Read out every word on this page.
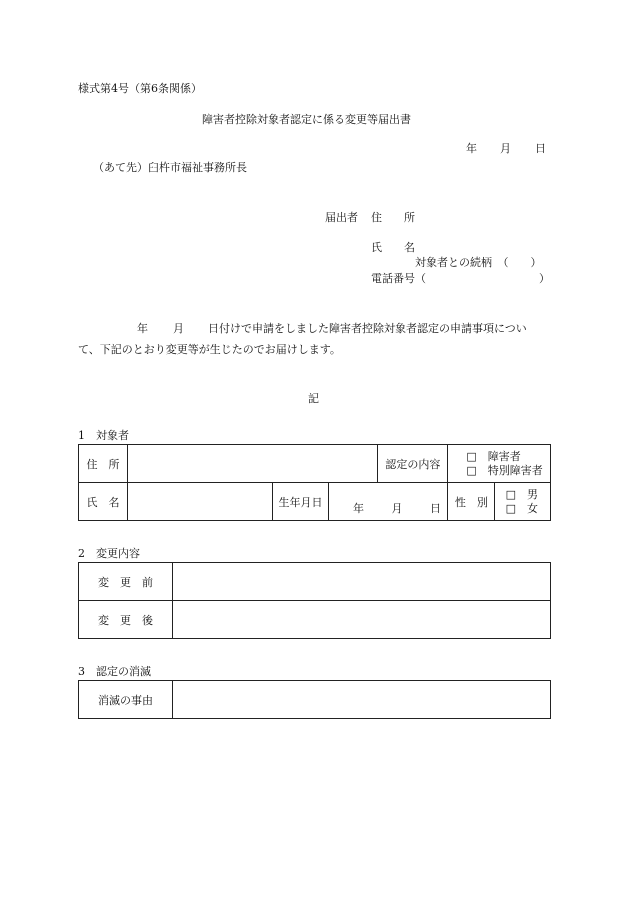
様式第4号（第6条関係）
障害者控除対象者認定に係る変更等届出書
年 月 日
（あて先）臼杵市福祉事務所長
届出者 住　　所
氏　　名
対象者との続柄　（　　）
電話番号（	）
年 月 日付けで申請をしました障害者控除対象者認定の申請事項につい
て、下記のとおり変更等が生じたのでお届けします。
記
1　対象者
住　所				認定の内容	□　障害者
□　特別障害者	

氏　名		生年月日	年 月 日		性　別	□　男
□　女
2　変更内容
変　更　前	
変　更　後	
3　認定の消滅
消滅の事由	
